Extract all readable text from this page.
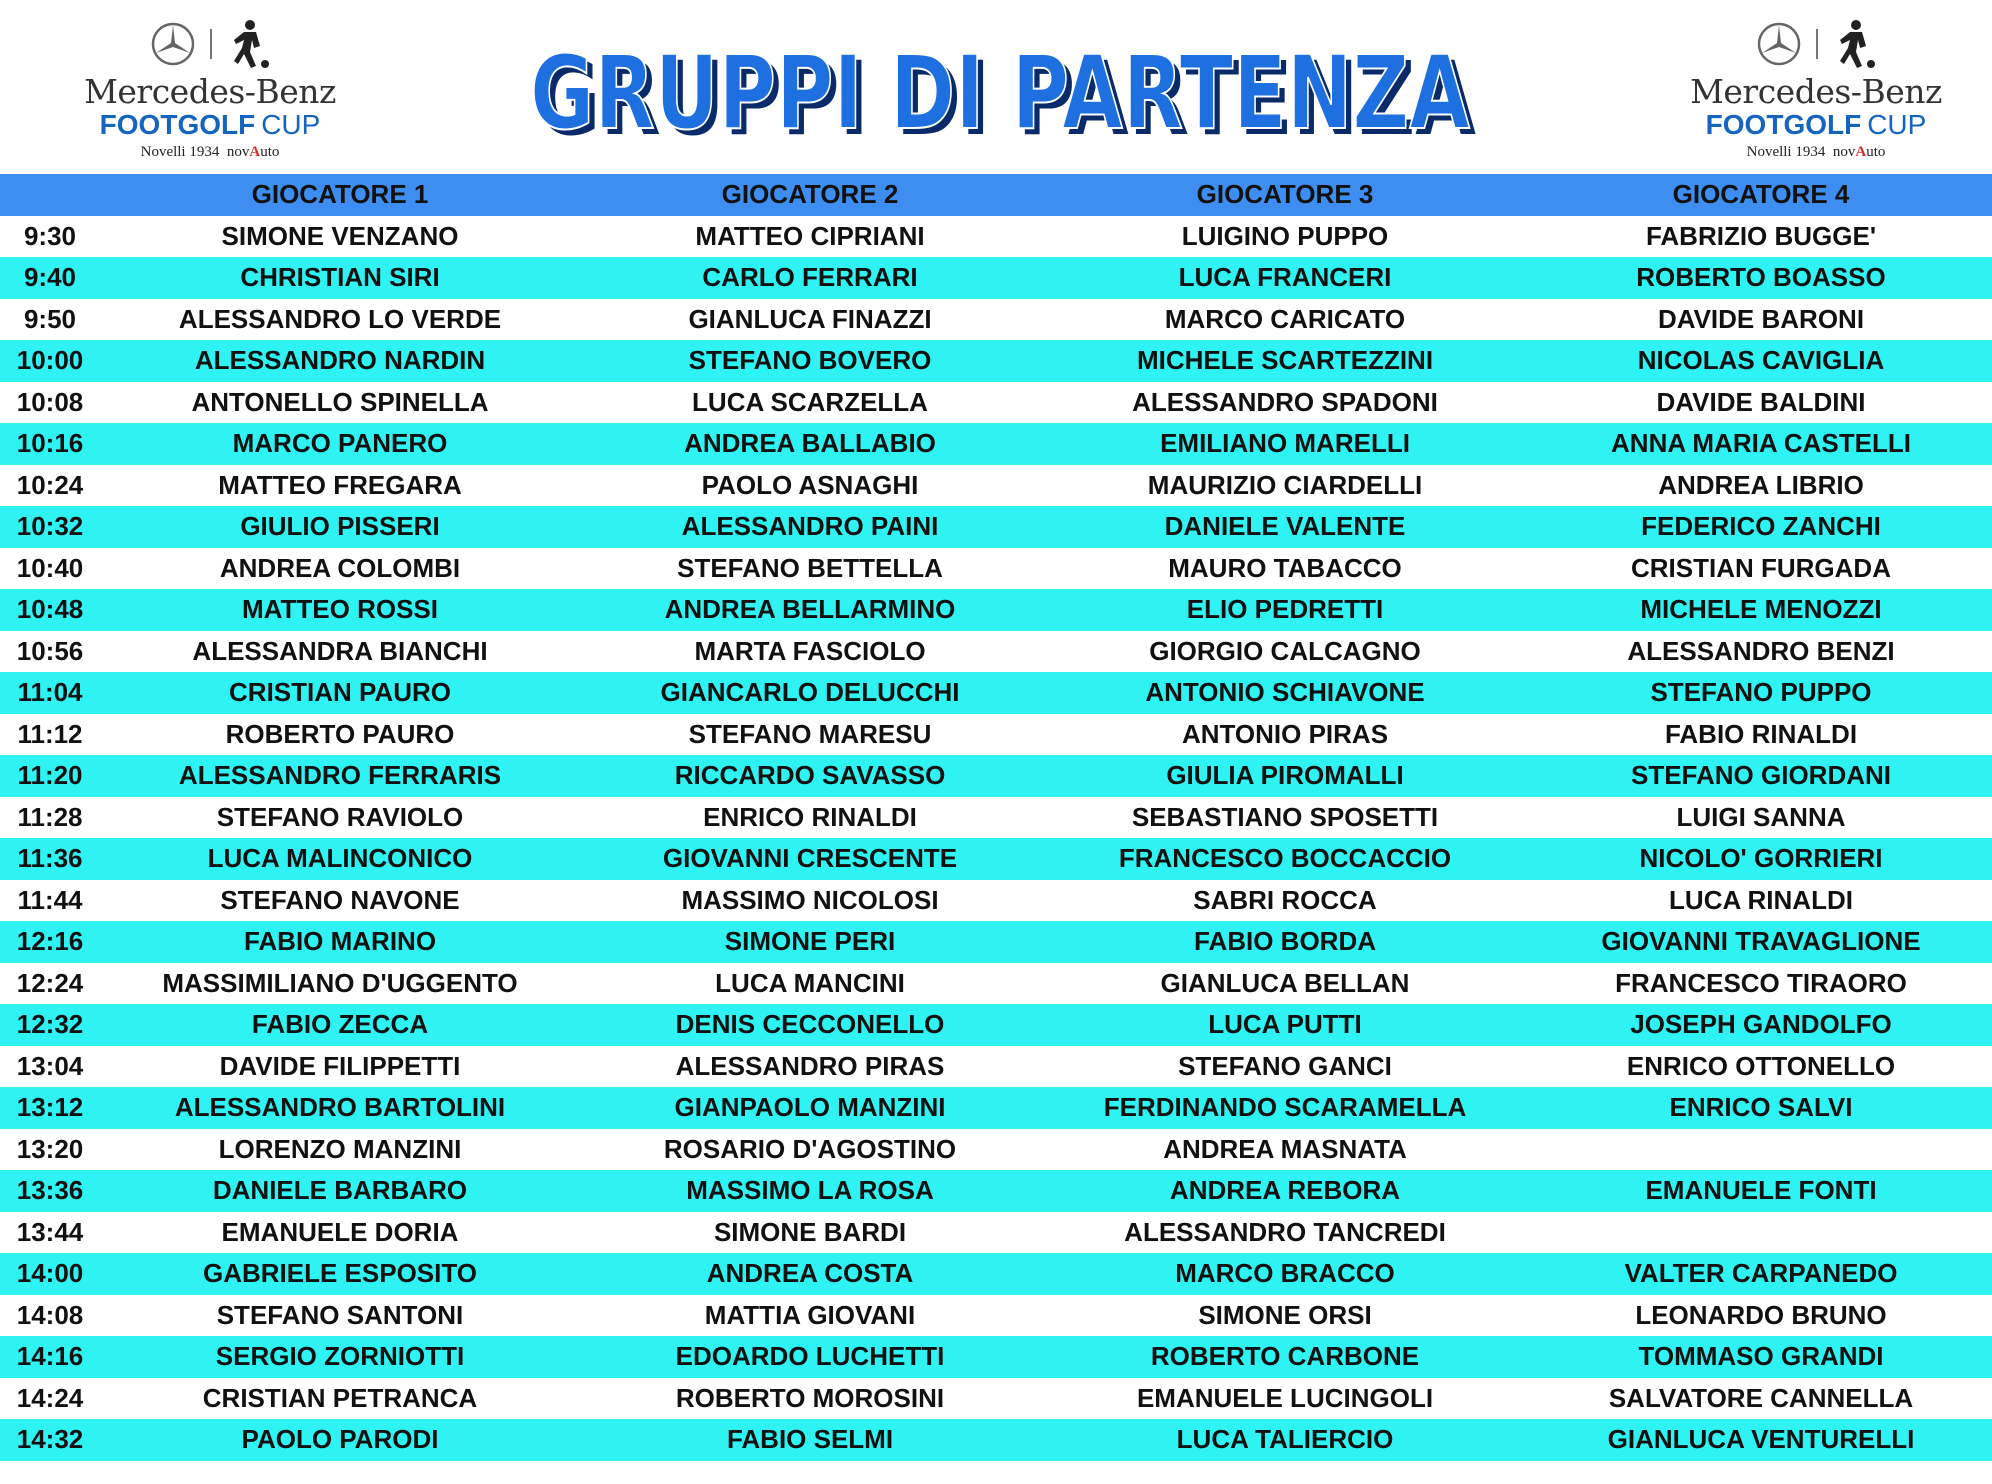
Mercedes-Benz
FOOTGOLF CUP
Novelli 1934 novAuto	GRUPPI DI PARTENZA
GRUPPI DI PARTENZA	Mercedes-Benz
FOOTGOLF CUP
Novelli 1934 novAuto
GIOCATORE 1	GIOCATORE 2	GIOCATORE 3	GIOCATORE 4
9:30	SIMONE VENZANO	MATTEO CIPRIANI	LUIGINO PUPPO	FABRIZIO BUGGE'
9:40	CHRISTIAN SIRI	CARLO FERRARI	LUCA FRANCERI	ROBERTO BOASSO
9:50	ALESSANDRO LO VERDE	GIANLUCA FINAZZI	MARCO CARICATO	DAVIDE BARONI
10:00	ALESSANDRO NARDIN	STEFANO BOVERO	MICHELE SCARTEZZINI	NICOLAS CAVIGLIA
10:08	ANTONELLO SPINELLA	LUCA SCARZELLA	ALESSANDRO SPADONI	DAVIDE BALDINI
10:16	MARCO PANERO	ANDREA BALLABIO	EMILIANO MARELLI	ANNA MARIA CASTELLI
10:24	MATTEO FREGARA	PAOLO ASNAGHI	MAURIZIO CIARDELLI	ANDREA LIBRIO
10:32	GIULIO PISSERI	ALESSANDRO PAINI	DANIELE VALENTE	FEDERICO ZANCHI
10:40	ANDREA COLOMBI	STEFANO BETTELLA	MAURO TABACCO	CRISTIAN FURGADA
10:48	MATTEO ROSSI	ANDREA BELLARMINO	ELIO PEDRETTI	MICHELE MENOZZI
10:56	ALESSANDRA BIANCHI	MARTA FASCIOLO	GIORGIO CALCAGNO	ALESSANDRO BENZI
11:04	CRISTIAN PAURO	GIANCARLO DELUCCHI	ANTONIO SCHIAVONE	STEFANO PUPPO
11:12	ROBERTO PAURO	STEFANO MARESU	ANTONIO PIRAS	FABIO RINALDI
11:20	ALESSANDRO FERRARIS	RICCARDO SAVASSO	GIULIA PIROMALLI	STEFANO GIORDANI
11:28	STEFANO RAVIOLO	ENRICO RINALDI	SEBASTIANO SPOSETTI	LUIGI SANNA
11:36	LUCA MALINCONICO	GIOVANNI CRESCENTE	FRANCESCO BOCCACCIO	NICOLO' GORRIERI
11:44	STEFANO NAVONE	MASSIMO NICOLOSI	SABRI ROCCA	LUCA RINALDI
12:16	FABIO MARINO	SIMONE PERI	FABIO BORDA	GIOVANNI TRAVAGLIONE
12:24	MASSIMILIANO D'UGGENTO	LUCA MANCINI	GIANLUCA BELLAN	FRANCESCO TIRAORO
12:32	FABIO ZECCA	DENIS CECCONELLO	LUCA PUTTI	JOSEPH GANDOLFO
13:04	DAVIDE FILIPPETTI	ALESSANDRO PIRAS	STEFANO GANCI	ENRICO OTTONELLO
13:12	ALESSANDRO BARTOLINI	GIANPAOLO MANZINI	FERDINANDO SCARAMELLA	ENRICO SALVI
13:20	LORENZO MANZINI	ROSARIO D'AGOSTINO	ANDREA MASNATA
13:36	DANIELE BARBARO	MASSIMO LA ROSA	ANDREA REBORA	EMANUELE FONTI
13:44	EMANUELE DORIA	SIMONE BARDI	ALESSANDRO TANCREDI
14:00	GABRIELE ESPOSITO	ANDREA COSTA	MARCO BRACCO	VALTER CARPANEDO
14:08	STEFANO SANTONI	MATTIA GIOVANI	SIMONE ORSI	LEONARDO BRUNO
14:16	SERGIO ZORNIOTTI	EDOARDO LUCHETTI	ROBERTO CARBONE	TOMMASO GRANDI
14:24	CRISTIAN PETRANCA	ROBERTO MOROSINI	EMANUELE LUCINGOLI	SALVATORE CANNELLA
14:32	PAOLO PARODI	FABIO SELMI	LUCA TALIERCIO	GIANLUCA VENTURELLI
